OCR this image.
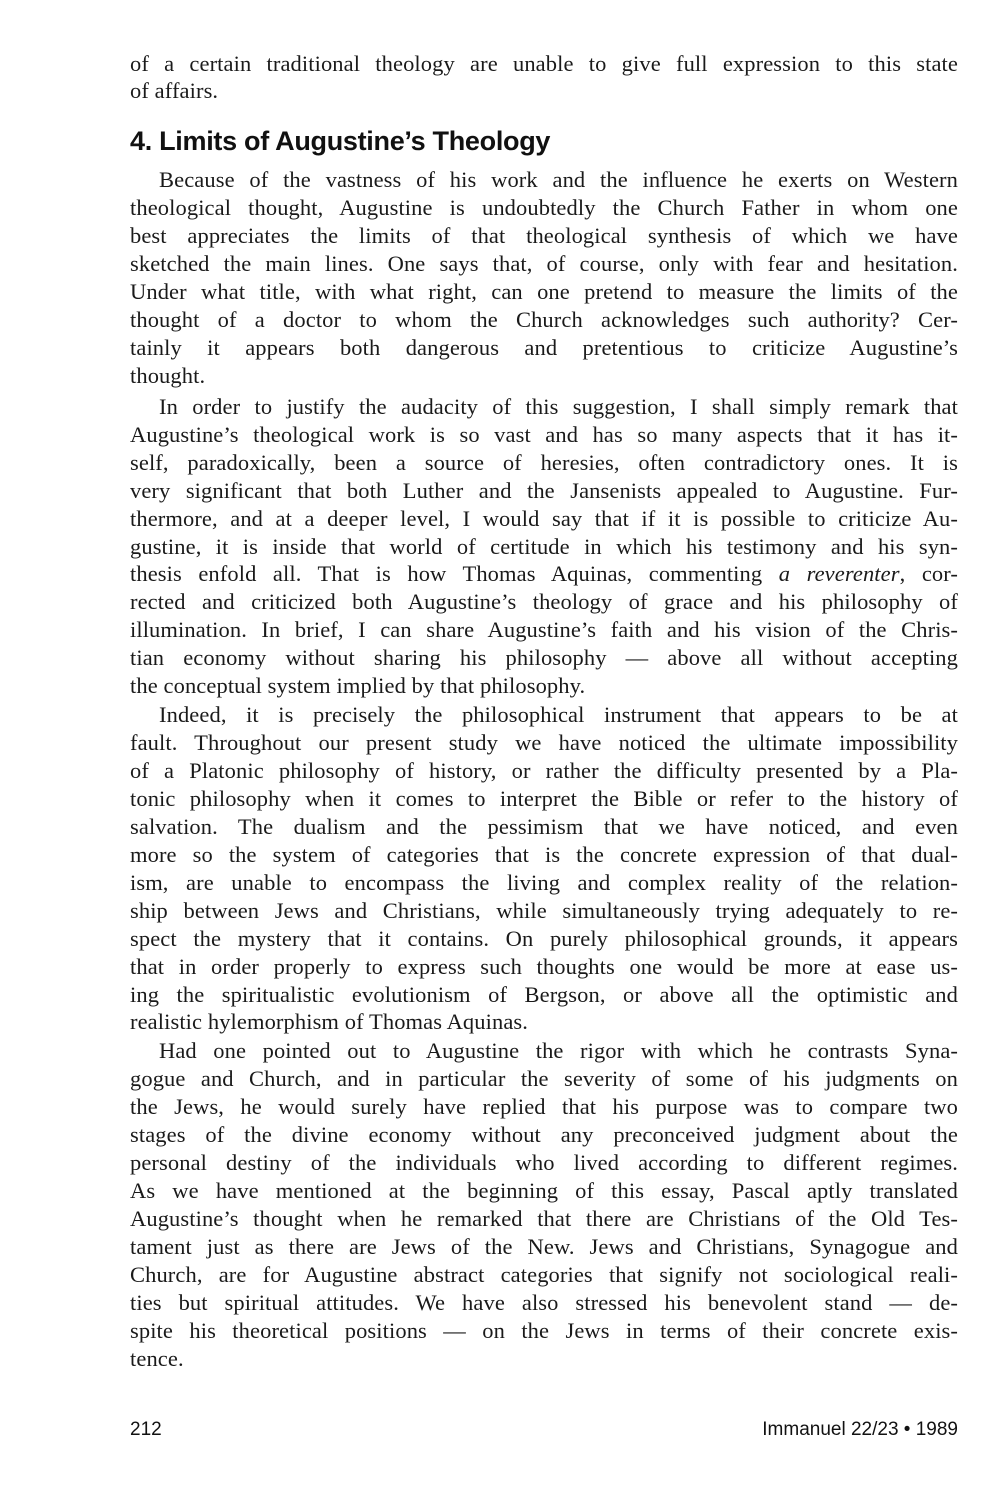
of a certain traditional theology are unable to give full expression to this state
of affairs.
4. Limits of Augustine’s Theology
Because of the vastness of his work and the influence he exerts on Western
theological thought, Augustine is undoubtedly the Church Father in whom one
best appreciates the limits of that theological synthesis of which we have
sketched the main lines. One says that, of course, only with fear and hesitation.
Under what title, with what right, can one pretend to measure the limits of the
thought of a doctor to whom the Church acknowledges such authority? Cer-
tainly it appears both dangerous and pretentious to criticize Augustine’s
thought.
In order to justify the audacity of this suggestion, I shall simply remark that
Augustine’s theological work is so vast and has so many aspects that it has it-
self, paradoxically, been a source of heresies, often contradictory ones. It is
very significant that both Luther and the Jansenists appealed to Augustine. Fur-
thermore, and at a deeper level, I would say that if it is possible to criticize Au-
gustine, it is inside that world of certitude in which his testimony and his syn-
thesis enfold all. That is how Thomas Aquinas, commenting a reverenter, cor-
rected and criticized both Augustine’s theology of grace and his philosophy of
illumination. In brief, I can share Augustine’s faith and his vision of the Chris-
tian economy without sharing his philosophy — above all without accepting
the conceptual system implied by that philosophy.
Indeed, it is precisely the philosophical instrument that appears to be at
fault. Throughout our present study we have noticed the ultimate impossibility
of a Platonic philosophy of history, or rather the difficulty presented by a Pla-
tonic philosophy when it comes to interpret the Bible or refer to the history of
salvation. The dualism and the pessimism that we have noticed, and even
more so the system of categories that is the concrete expression of that dual-
ism, are unable to encompass the living and complex reality of the relation-
ship between Jews and Christians, while simultaneously trying adequately to re-
spect the mystery that it contains. On purely philosophical grounds, it appears
that in order properly to express such thoughts one would be more at ease us-
ing the spiritualistic evolutionism of Bergson, or above all the optimistic and
realistic hylemorphism of Thomas Aquinas.
Had one pointed out to Augustine the rigor with which he contrasts Syna-
gogue and Church, and in particular the severity of some of his judgments on
the Jews, he would surely have replied that his purpose was to compare two
stages of the divine economy without any preconceived judgment about the
personal destiny of the individuals who lived according to different regimes.
As we have mentioned at the beginning of this essay, Pascal aptly translated
Augustine’s thought when he remarked that there are Christians of the Old Tes-
tament just as there are Jews of the New. Jews and Christians, Synagogue and
Church, are for Augustine abstract categories that signify not sociological reali-
ties but spiritual attitudes. We have also stressed his benevolent stand — de-
spite his theoretical positions — on the Jews in terms of their concrete exis-
tence.
212	Immanuel 22/23 • 1989
